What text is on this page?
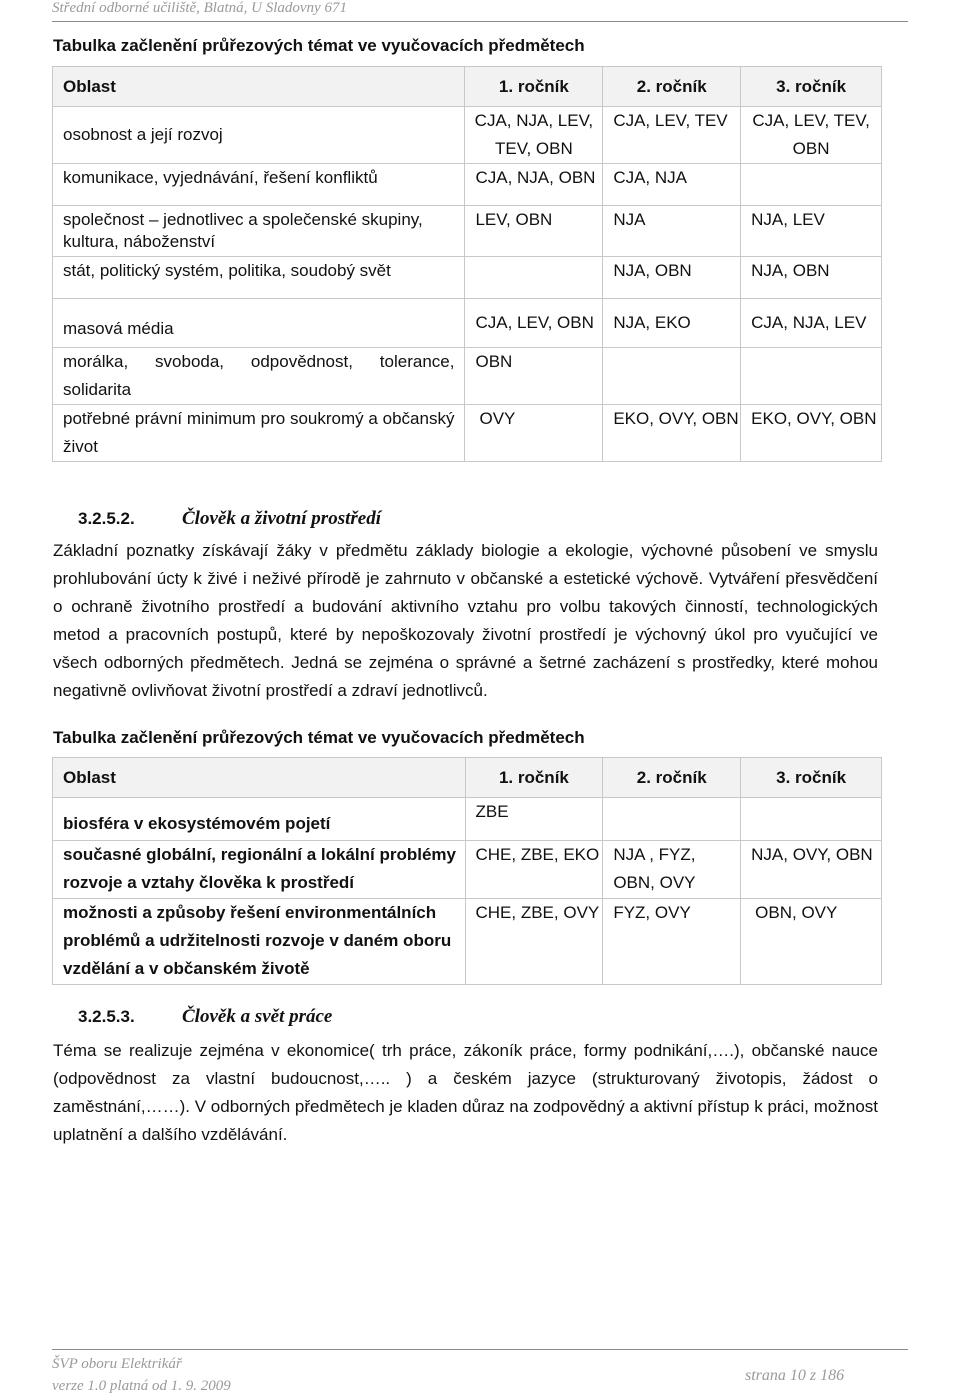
Střední odborné učiliště, Blatná, U Sladovny 671
Tabulka začlenění průřezových témat ve vyučovacích předmětech
Oblast	1. ročník	2. ročník	3. ročník
osobnost a její rozvoj	CJA, NJA, LEV, TEV, OBN	CJA, LEV, TEV	CJA, LEV, TEV, OBN
komunikace, vyjednávání, řešení konfliktů	CJA, NJA, OBN	CJA, NJA	
společnost – jednotlivec a společenské skupiny, kultura, náboženství	LEV, OBN	NJA	NJA, LEV
stát, politický systém, politika, soudobý svět		NJA, OBN	NJA, OBN
masová média	CJA, LEV, OBN	NJA, EKO	CJA, NJA, LEV
morálka, svoboda, odpovědnost, tolerance, solidarita	OBN		
potřebné právní minimum pro soukromý a občanský život	OVY	EKO, OVY, OBN	EKO, OVY, OBN
3.2.5.2. Člověk a životní prostředí
Základní poznatky získávají žáky v předmětu základy biologie a ekologie, výchovné působení ve smyslu prohlubování úcty k živé i neživé přírodě je zahrnuto v občanské a estetické výchově. Vytváření přesvědčení o ochraně životního prostředí a budování aktivního vztahu pro volbu takových činností, technologických metod a pracovních postupů, které by nepoškozovaly životní prostředí je výchovný úkol pro vyučující ve všech odborných předmětech. Jedná se zejména o správné a šetrné zacházení s prostředky, které mohou negativně ovlivňovat životní prostředí a zdraví jednotlivců.
Tabulka začlenění průřezových témat ve vyučovacích předmětech
Oblast	1. ročník	2. ročník	3. ročník
biosféra v ekosystémovém pojetí	ZBE		
současné globální, regionální a lokální problémy rozvoje a vztahy člověka k prostředí	CHE, ZBE, EKO	NJA , FYZ, OBN, OVY	NJA, OVY, OBN
možnosti a způsoby řešení environmentálních problémů a udržitelnosti rozvoje v daném oboru vzdělání a v občanském životě	CHE, ZBE, OVY	FYZ, OVY	OBN, OVY
3.2.5.3. Člověk a svět práce
Téma se realizuje zejména v ekonomice( trh práce, zákoník práce, formy podnikání,….), občanské nauce (odpovědnost za vlastní budoucnost,….. ) a českém jazyce (strukturovaný životopis, žádost o zaměstnání,……). V odborných předmětech je kladen důraz na zodpovědný a aktivní přístup k práci, možnost uplatnění a dalšího vzdělávání.
ŠVP oboru Elektrikář
verze 1.0 platná od 1. 9. 2009
strana 10 z 186
